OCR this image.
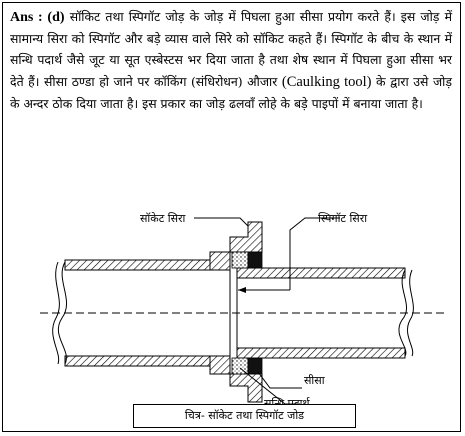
Ans : (d) सॉकिट तथा स्पिगॉट जोड़ के जोड़ में पिघला हुआ सीसा प्रयोग करते हैं। इस जोड़ में सामान्य सिरा को स्पिगॉट और बड़े व्यास वाले सिरे को सॉकिट कहते हैं। स्पिगॉट के बीच के स्थान में सन्धि पदार्थ जैसे जूट या सूत एस्बेस्टस भर दिया जाता है तथा शेष स्थान में पिघला हुआ सीसा भर देते हैं। सीसा ठण्डा हो जाने पर कॉकिंग (संधिरोधन) औजार (Caulking tool) के द्वारा उसे जोड़ के अन्दर ठोक दिया जाता है। इस प्रकार का जोड़ ढलवाँ लोहे के बड़े पाइपों में बनाया जाता है।

सॉकेट सिरा	स्पिगॉट सिरा
सीसा
चित्र- सॉकेट तथा स्पिगॉट जोड
